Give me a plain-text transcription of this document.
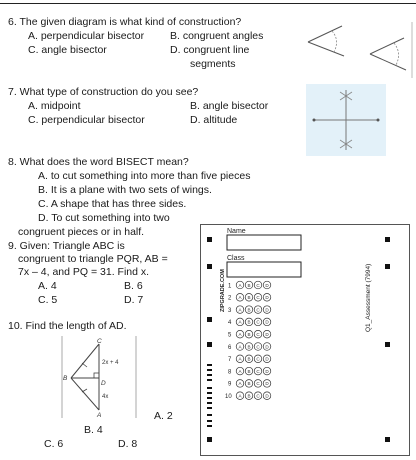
6. The given diagram is what kind of construction?
A. perpendicular bisector B. congruent angles
C. angle bisector	D. congruent line
segments
7. What type of construction do you see?
A. midpoint	B. angle bisector
C. perpendicular bisector	D. altitude
8. What does the word BISECT mean?
A. to cut something into more than five pieces
B. It is a plane with two sets of wings.
C. A shape that has three sides.
D. To cut something into two
congruent pieces or in half.
9. Given: Triangle ABC is
congruent to triangle PQR, AB =
7x – 4, and PQ = 31. Find x.
A. 4	B. 6
C. 5	D. 7
10. Find the length of AD.
C
B
D
A
2x + 4
4x
A. 2
B. 4
C. 6	D. 8
Name
Class
ZIPGRADE.COM	Q1_Assessment (7994)
1 A B C D
2 A B C D
3 A B C D
4 A B C D
5 A B C D
6 A B C D
7 A B C D
8 A B C D
9 A B C D
10 A B C D
